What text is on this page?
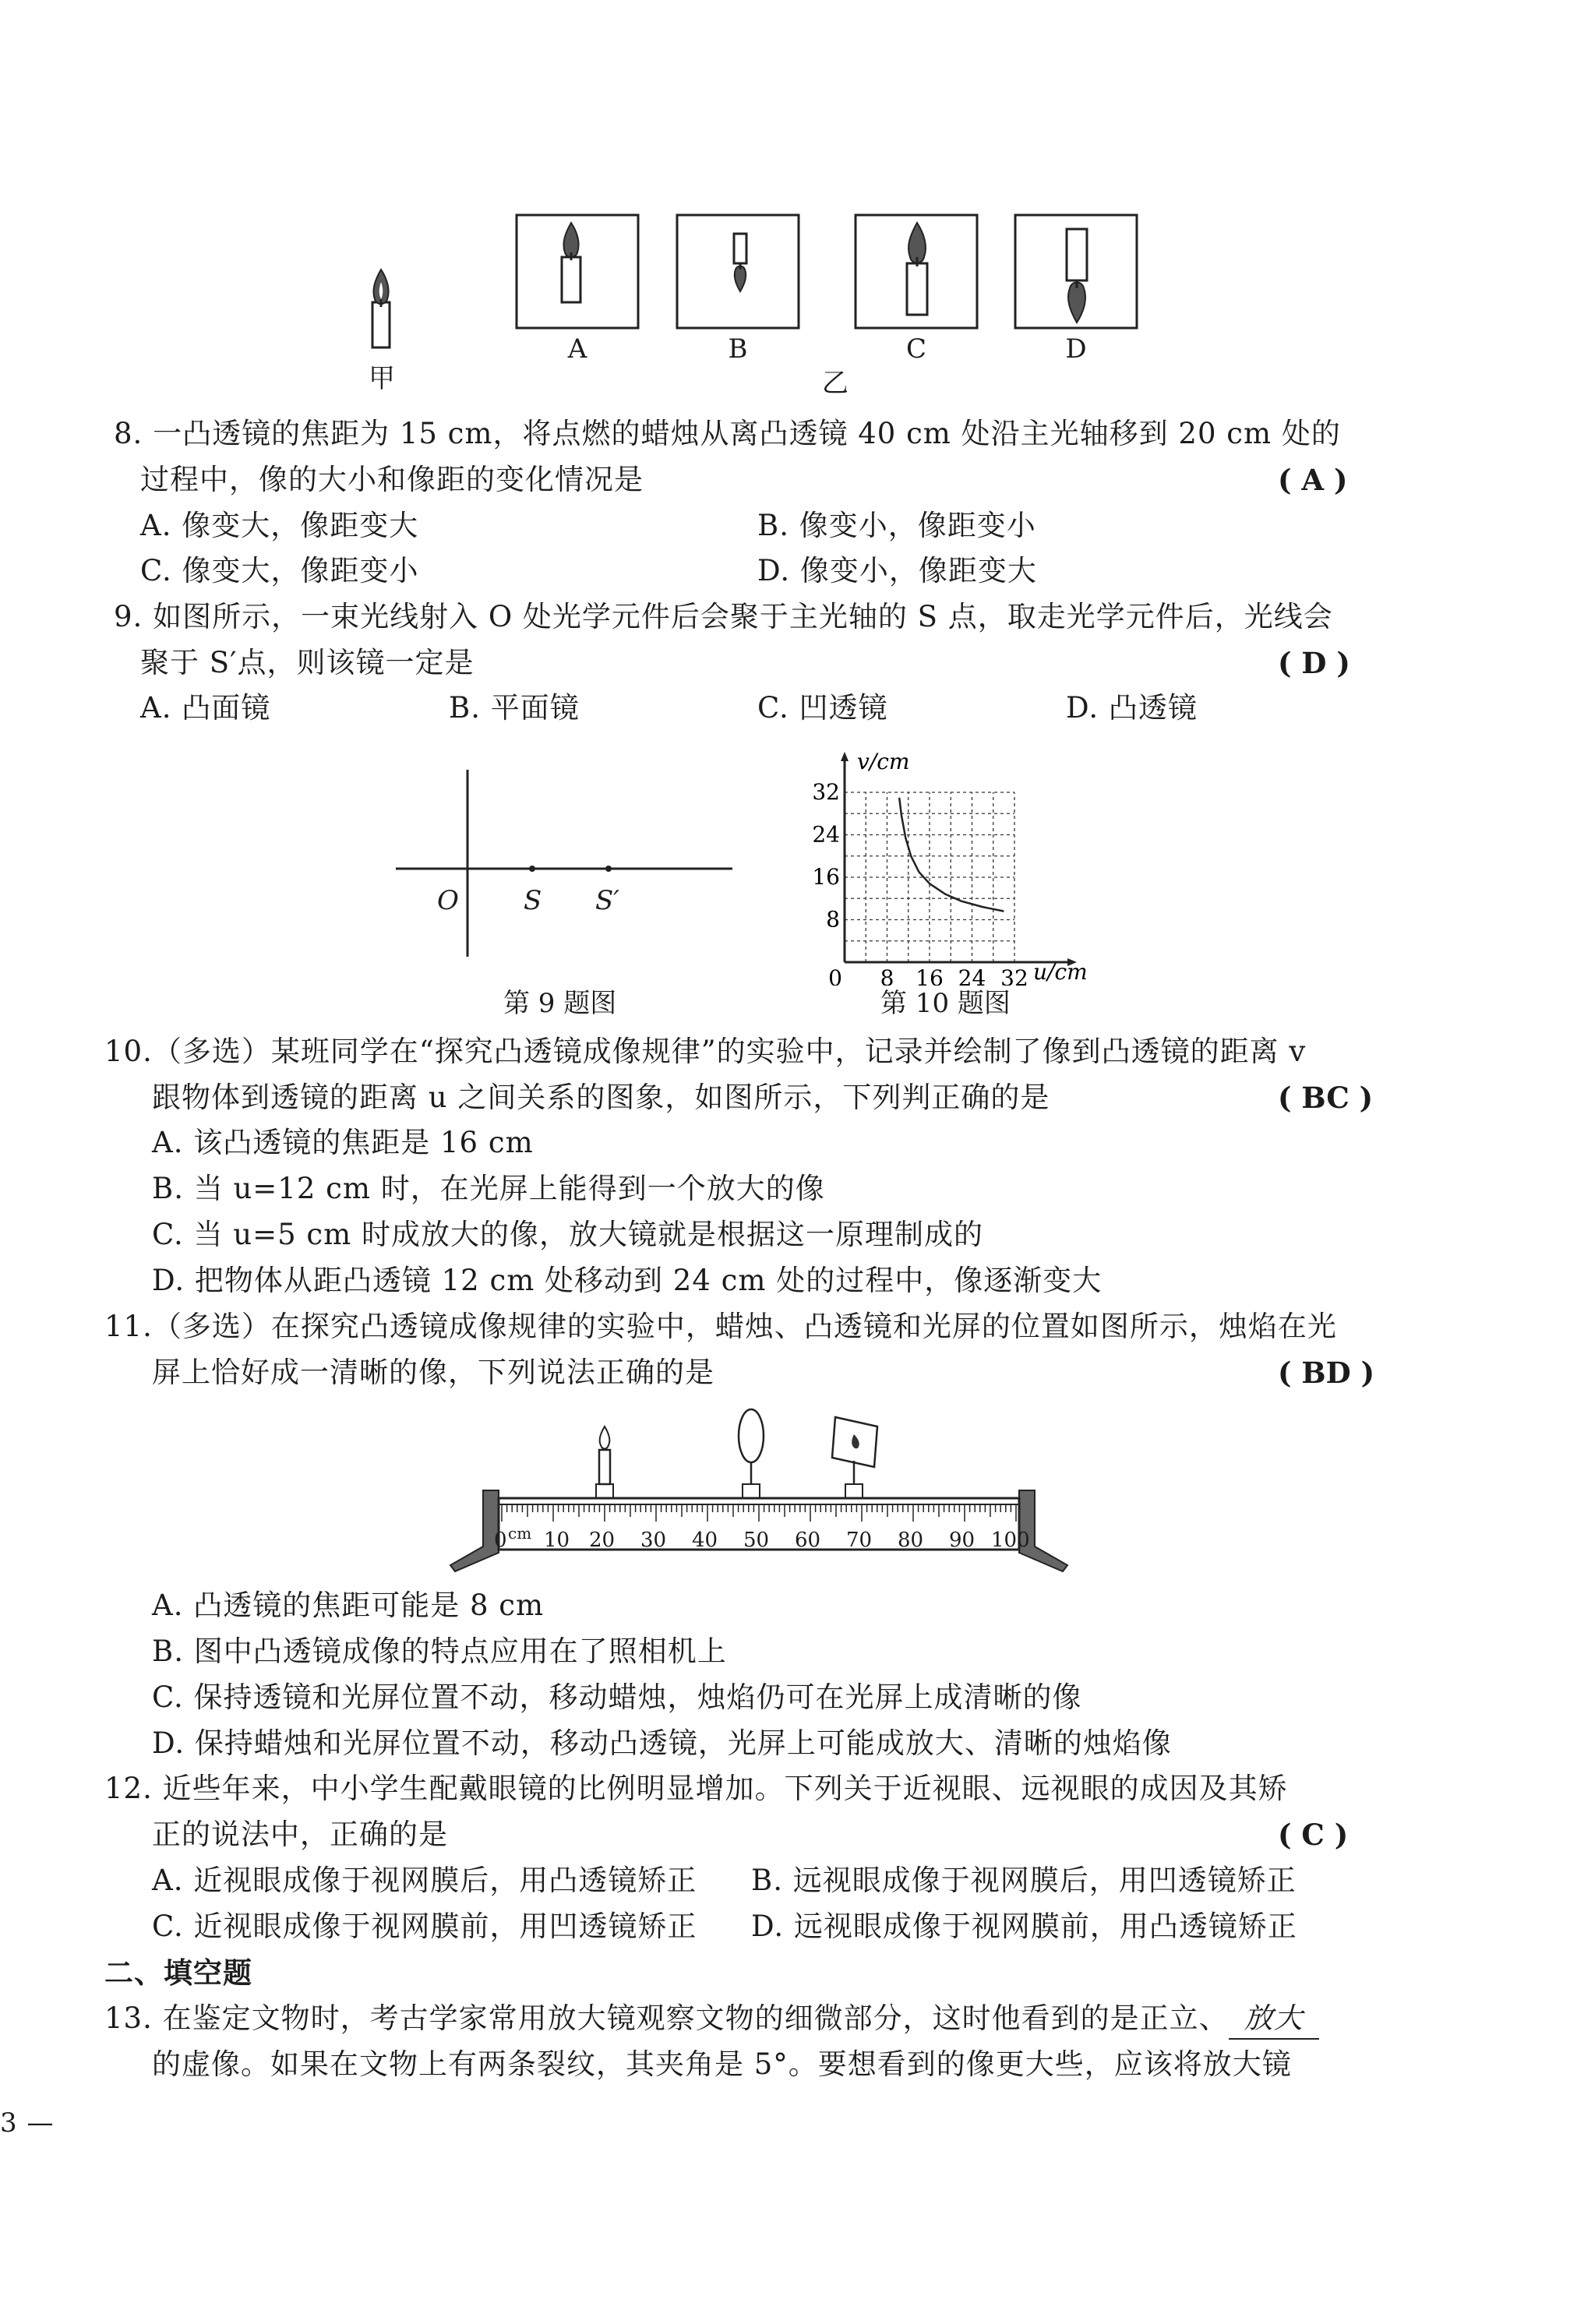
甲
A	B	C	D
乙
8. 一凸透镜的焦距为 15 cm，将点燃的蜡烛从离凸透镜 40 cm 处沿主光轴移到 20 cm 处的
过程中，像的大小和像距的变化情况是	( A )
A. 像变大，像距变大	B. 像变小，像距变小
C. 像变大，像距变小	D. 像变小，像距变大
9. 如图所示，一束光线射入 O 处光学元件后会聚于主光轴的 S 点，取走光学元件后，光线会
聚于 S′点，则该镜一定是	( D )
A. 凸面镜	B. 平面镜	C. 凹透镜	D. 凸透镜
O S S′
第 9 题图
8
16
24
32
0 8 16 24 32
v/cm
u/cm
第 10 题图
10.（多选）某班同学在“探究凸透镜成像规律”的实验中，记录并绘制了像到凸透镜的距离 v
跟物体到透镜的距离 u 之间关系的图象，如图所示，下列判正确的是	( BC )
A. 该凸透镜的焦距是 16 cm
B. 当 u=12 cm 时，在光屏上能得到一个放大的像
C. 当 u=5 cm 时成放大的像，放大镜就是根据这一原理制成的
D. 把物体从距凸透镜 12 cm 处移动到 24 cm 处的过程中，像逐渐变大
11.（多选）在探究凸透镜成像规律的实验中，蜡烛、凸透镜和光屏的位置如图所示，烛焰在光
屏上恰好成一清晰的像，下列说法正确的是	( BD )
0 cm 10 20 30 40 50 60 70 80 90 100
A. 凸透镜的焦距可能是 8 cm
B. 图中凸透镜成像的特点应用在了照相机上
C. 保持透镜和光屏位置不动，移动蜡烛，烛焰仍可在光屏上成清晰的像
D. 保持蜡烛和光屏位置不动，移动凸透镜，光屏上可能成放大、清晰的烛焰像
12. 近些年来，中小学生配戴眼镜的比例明显增加。下列关于近视眼、远视眼的成因及其矫
正的说法中，正确的是	( C )
A. 近视眼成像于视网膜后，用凸透镜矫正 B. 远视眼成像于视网膜后，用凹透镜矫正
C. 近视眼成像于视网膜前，用凹透镜矫正 D. 远视眼成像于视网膜前，用凸透镜矫正
二、填空题
13. 在鉴定文物时，考古学家常用放大镜观察文物的细微部分，这时他看到的是正立、 放大
的虚像。如果在文物上有两条裂纹，其夹角是 5°。要想看到的像更大些，应该将放大镜
3 —
